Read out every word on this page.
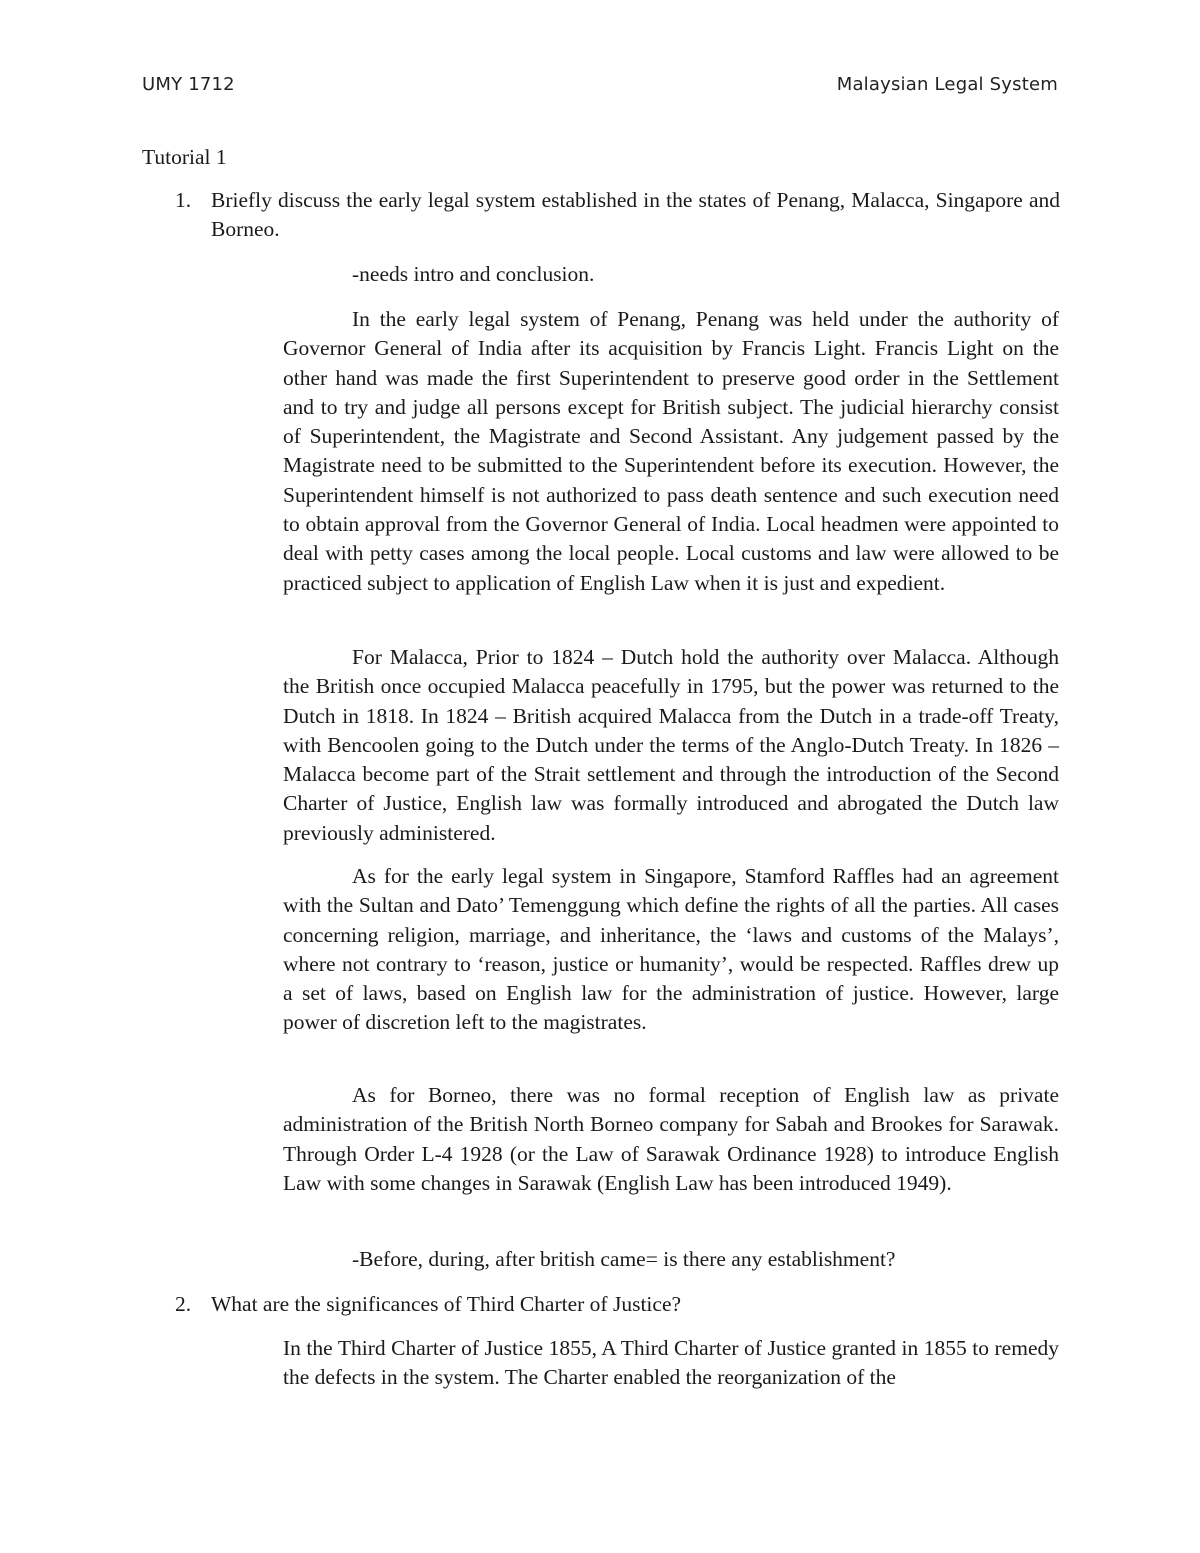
UMY 1712	Malaysian Legal System
Tutorial 1
1. Briefly discuss the early legal system established in the states of Penang, Malacca, Singapore and Borneo.
-needs intro and conclusion.

In the early legal system of Penang, Penang was held under the authority of Governor General of India after its acquisition by Francis Light. Francis Light on the other hand was made the first Superintendent to preserve good order in the Settlement and to try and judge all persons except for British subject. The judicial hierarchy consist of Superintendent, the Magistrate and Second Assistant. Any judgement passed by the Magistrate need to be submitted to the Superintendent before its execution. However, the Superintendent himself is not authorized to pass death sentence and such execution need to obtain approval from the Governor General of India. Local headmen were appointed to deal with petty cases among the local people. Local customs and law were allowed to be practiced subject to application of English Law when it is just and expedient.

For Malacca, Prior to 1824 – Dutch hold the authority over Malacca. Although the British once occupied Malacca peacefully in 1795, but the power was returned to the Dutch in 1818. In 1824 – British acquired Malacca from the Dutch in a trade-off Treaty, with Bencoolen going to the Dutch under the terms of the Anglo-Dutch Treaty. In 1826 – Malacca become part of the Strait settlement and through the introduction of the Second Charter of Justice, English law was formally introduced and abrogated the Dutch law previously administered.

As for the early legal system in Singapore, Stamford Raffles had an agreement with the Sultan and Dato’ Temenggung which define the rights of all the parties. All cases concerning religion, marriage, and inheritance, the ‘laws and customs of the Malays’, where not contrary to ‘reason, justice or humanity’, would be respected. Raffles drew up a set of laws, based on English law for the administration of justice. However, large power of discretion left to the magistrates.

As for Borneo, there was no formal reception of English law as private administration of the British North Borneo company for Sabah and Brookes for Sarawak. Through Order L-4 1928 (or the Law of Sarawak Ordinance 1928) to introduce English Law with some changes in Sarawak (English Law has been introduced 1949).

-Before, during, after british came= is there any establishment?
2. What are the significances of Third Charter of Justice?

In the Third Charter of Justice 1855, A Third Charter of Justice granted in 1855 to remedy the defects in the system. The Charter enabled the reorganization of the
